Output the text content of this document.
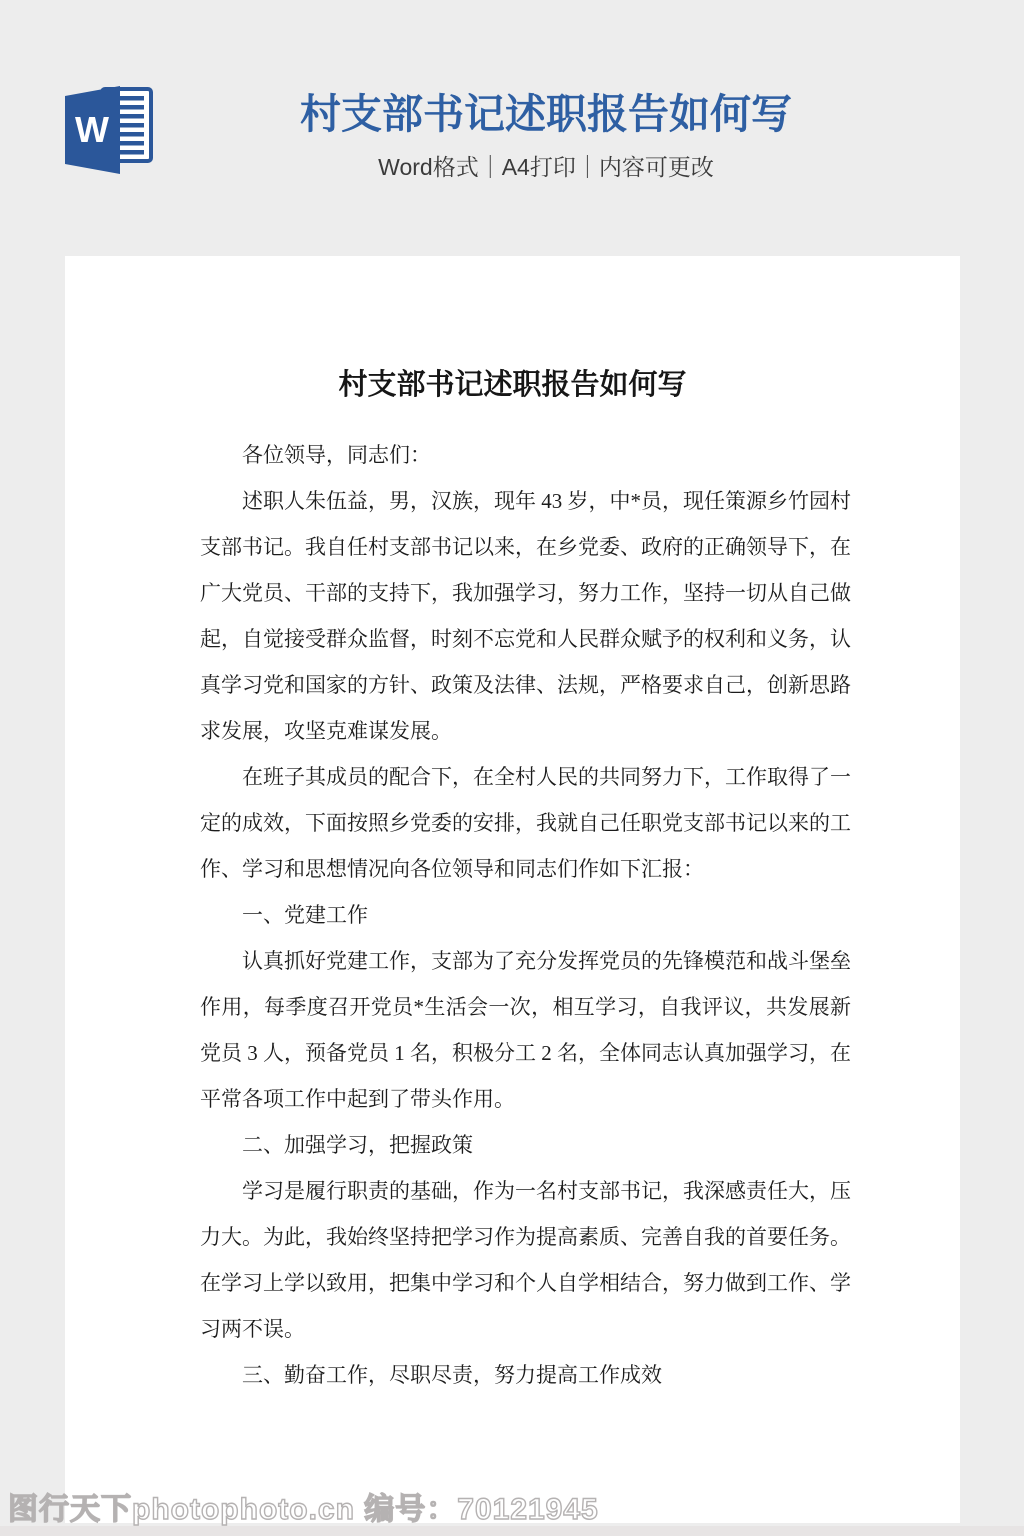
W	村支部书记述职报告如何写
Word格式｜A4打印｜内容可更改
村支部书记述职报告如何写

各位领导，同志们：

述职人朱伍益，男，汉族，现年 43 岁，中*员，现任策源乡竹园村支部书记。我自任村支部书记以来，在乡党委、政府的正确领导下，在广大党员、干部的支持下，我加强学习，努力工作，坚持一切从自己做起，自觉接受群众监督，时刻不忘党和人民群众赋予的权利和义务，认真学习党和国家的方针、政策及法律、法规，严格要求自己，创新思路求发展，攻坚克难谋发展。

在班子其成员的配合下，在全村人民的共同努力下，工作取得了一定的成效，下面按照乡党委的安排，我就自己任职党支部书记以来的工作、学习和思想情况向各位领导和同志们作如下汇报：

一、党建工作

认真抓好党建工作，支部为了充分发挥党员的先锋模范和战斗堡垒作用，每季度召开党员*生活会一次，相互学习，自我评议，共发展新党员 3 人，预备党员 1 名，积极分工 2 名，全体同志认真加强学习，在平常各项工作中起到了带头作用。

二、加强学习，把握政策

学习是履行职责的基础，作为一名村支部书记，我深感责任大，压力大。为此，我始终坚持把学习作为提高素质、完善自我的首要任务。在学习上学以致用，把集中学习和个人自学相结合，努力做到工作、学习两不误。

三、勤奋工作，尽职尽责，努力提高工作成效

图行天下photophoto.cn 编号：70121945
